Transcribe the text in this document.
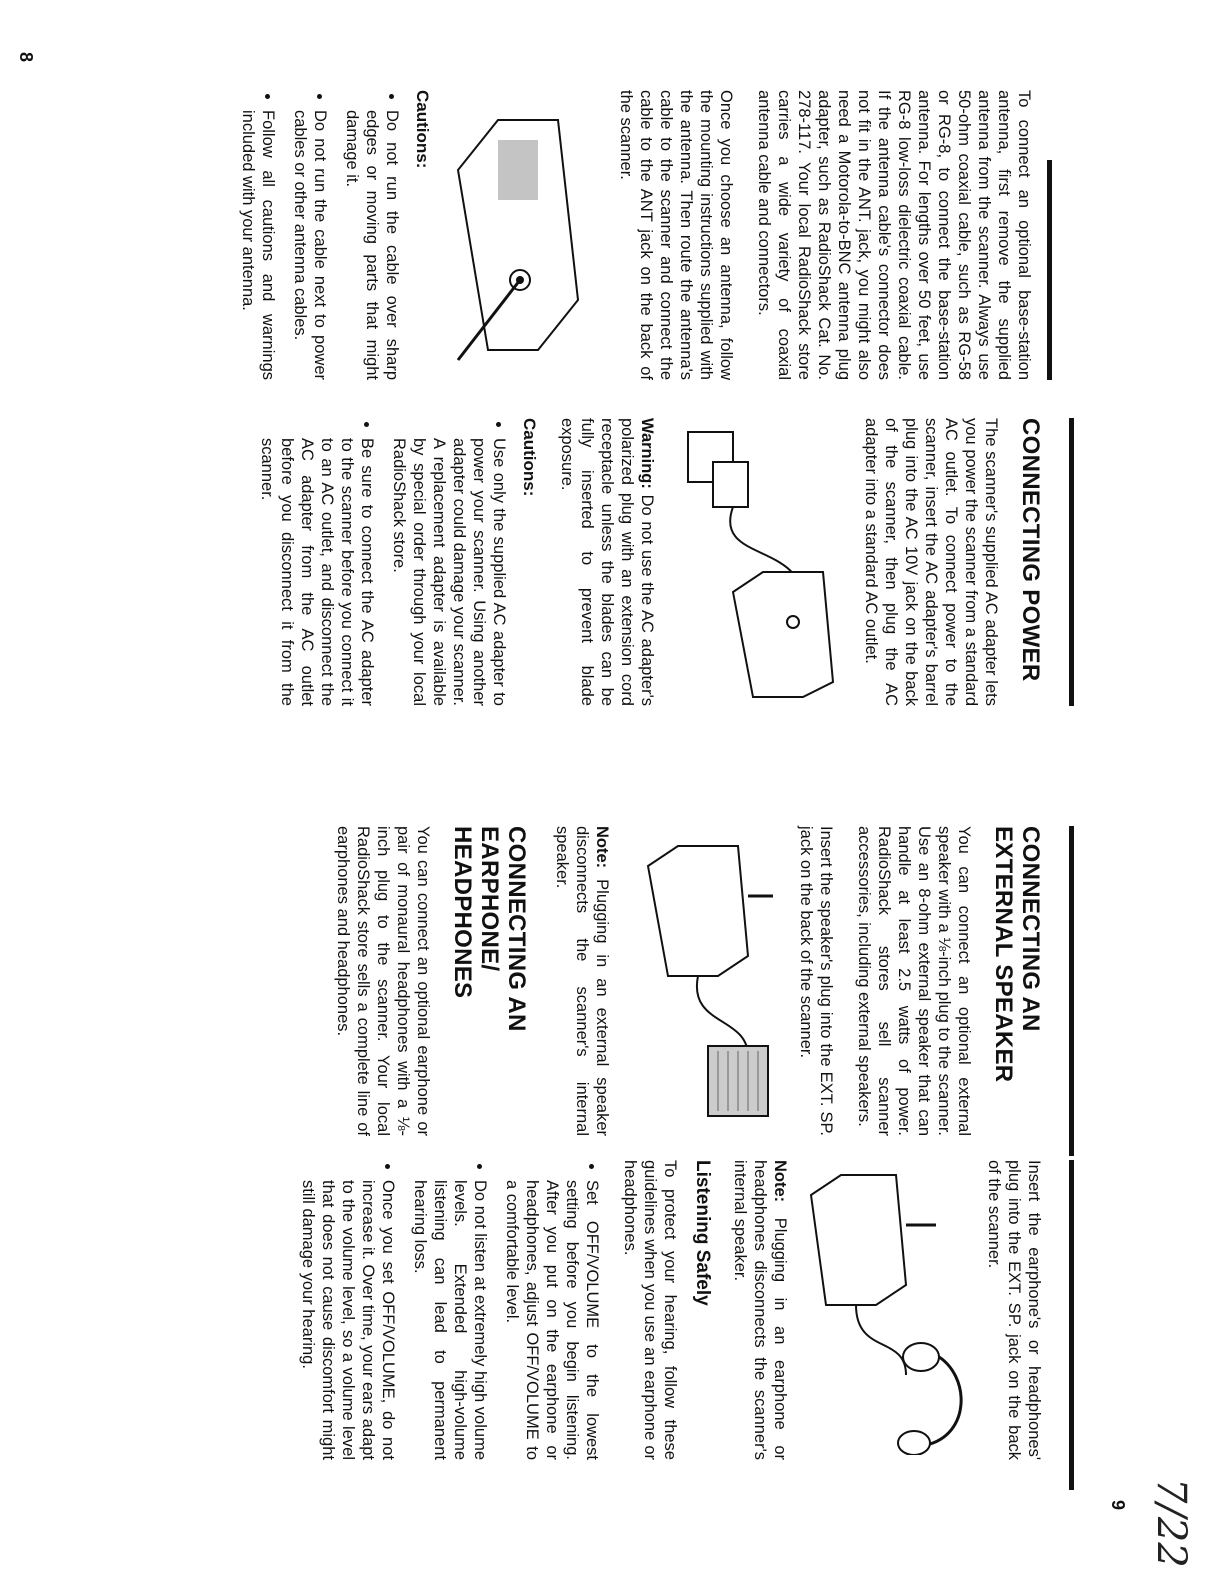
To connect an optional base-station antenna, first remove the supplied antenna from the scanner. Always use 50-ohm coaxial cable, such as RG-58 or RG-8, to connect the base-station antenna. For lengths over 50 feet, use RG-8 low-loss dielectric coaxial cable. If the antenna cable's connector does not fit in the ANT. jack, you might also need a Motorola-to-BNC antenna plug adapter, such as RadioShack Cat. No. 278-117. Your local RadioShack store carries a wide variety of coaxial antenna cable and connectors.

Once you choose an antenna, follow the mounting instructions supplied with the antenna. Then route the antenna's cable to the scanner and connect the cable to the ANT jack on the back of the scanner.

Cautions:
• Do not run the cable over sharp edges or moving parts that might damage it.
• Do not run the cable next to power cables or other antenna cables.
• Follow all cautions and warnings included with your antenna.
CONNECTING POWER

The scanner's supplied AC adapter lets you power the scanner from a standard AC outlet. To connect power to the scanner, insert the AC adapter's barrel plug into the AC 10V jack on the back of the scanner, then plug the AC adapter into a standard AC outlet.

Warning: Do not use the AC adapter's polarized plug with an extension cord receptacle unless the blades can be fully inserted to prevent blade exposure.

Cautions:
• Use only the supplied AC adapter to power your scanner. Using another adapter could damage your scanner. A replacement adapter is available by special order through your local RadioShack store.
• Be sure to connect the AC adapter to the scanner before you connect it to an AC outlet, and disconnect the AC adapter from the AC outlet before you disconnect it from the scanner.
8
CONNECTING AN EXTERNAL SPEAKER

You can connect an optional external speaker with a ⅛-inch plug to the scanner. Use an 8-ohm external speaker that can handle at least 2.5 watts of power. RadioShack stores sell scanner accessories, including external speakers.

Insert the speaker's plug into the EXT. SP. jack on the back of the scanner.

Note: Plugging in an external speaker disconnects the scanner's internal speaker.

CONNECTING AN EARPHONE/ HEADPHONES

You can connect an optional earphone or pair of monaural headphones with a ⅛-inch plug to the scanner. Your local RadioShack store sells a complete line of earphones and headphones.

Insert the earphone's or headphones' plug into the EXT. SP. jack on the back of the scanner.

Note: Plugging in an earphone or headphones disconnects the scanner's internal speaker.

Listening Safely

To protect your hearing, follow these guidelines when you use an earphone or headphones.

• Set OFF/VOLUME to the lowest setting before you begin listening. After you put on the earphone or headphones, adjust OFF/VOLUME to a comfortable level.
• Do not listen at extremely high volume levels. Extended high-volume listening can lead to permanent hearing loss.
• Once you set OFF/VOLUME, do not increase it. Over time, your ears adapt to the volume level, so a volume level that does not cause discomfort might still damage your hearing.
9 7/22
